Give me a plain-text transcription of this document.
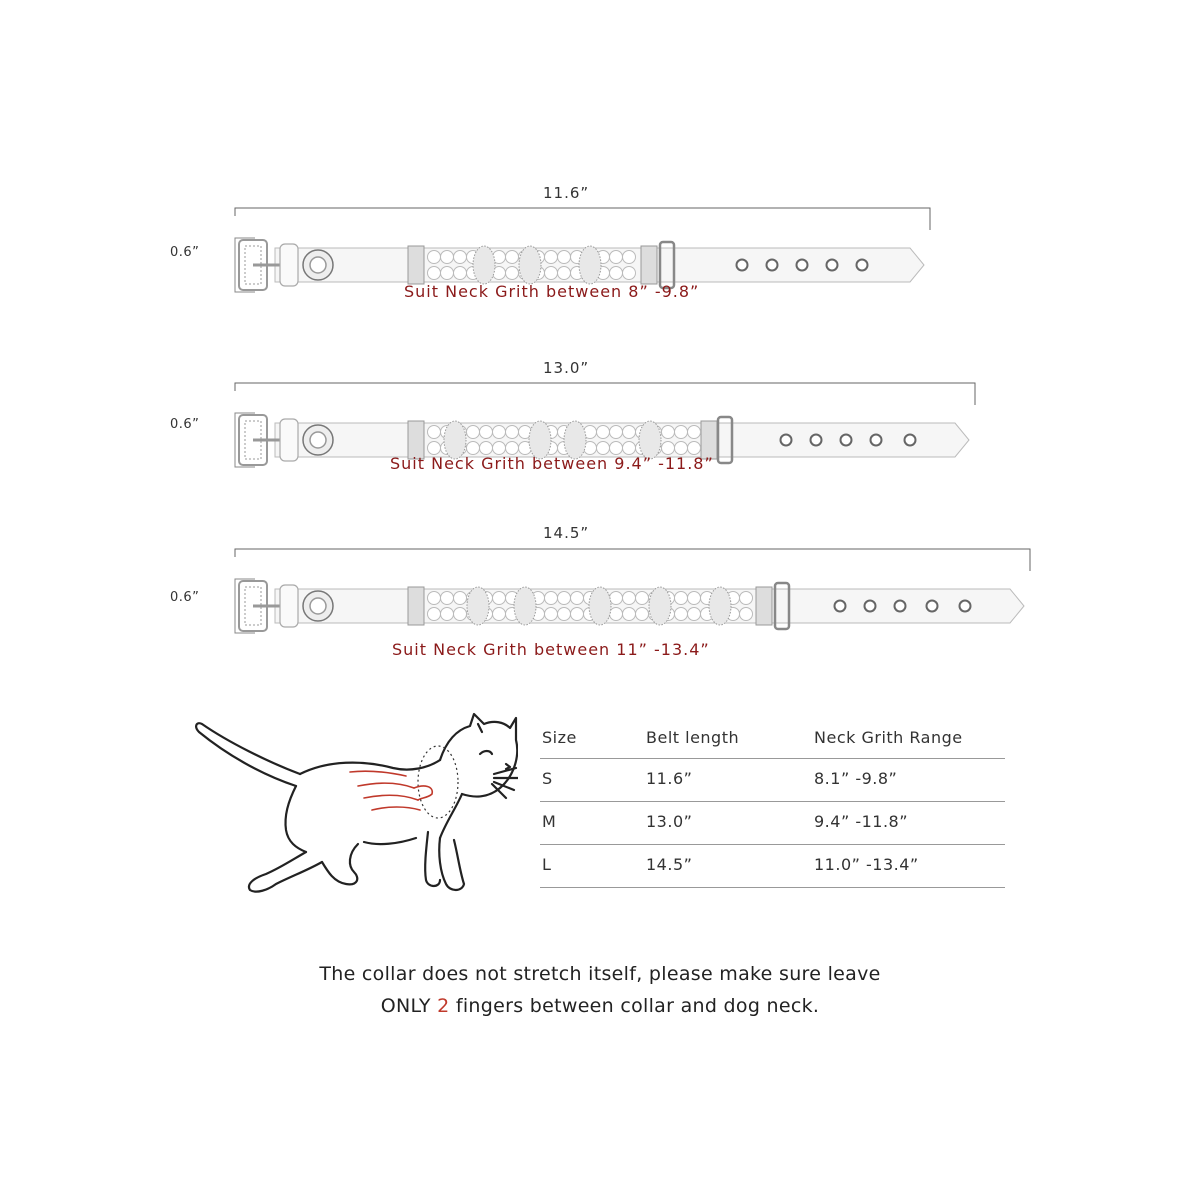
11.6”
0.6”
Suit Neck Grith between 8” -9.8”
13.0”
0.6”
Suit Neck Grith between 9.4” -11.8”
14.5”
0.6”
Suit Neck Grith between 11” -13.4”
Size	Belt length	Neck Grith Range
S	11.6”	8.1” -9.8”
M	13.0”	9.4” -11.8”
L	14.5”	11.0” -13.4”
The collar does not stretch itself, please make sure leave
ONLY 2 fingers between collar and dog neck.
